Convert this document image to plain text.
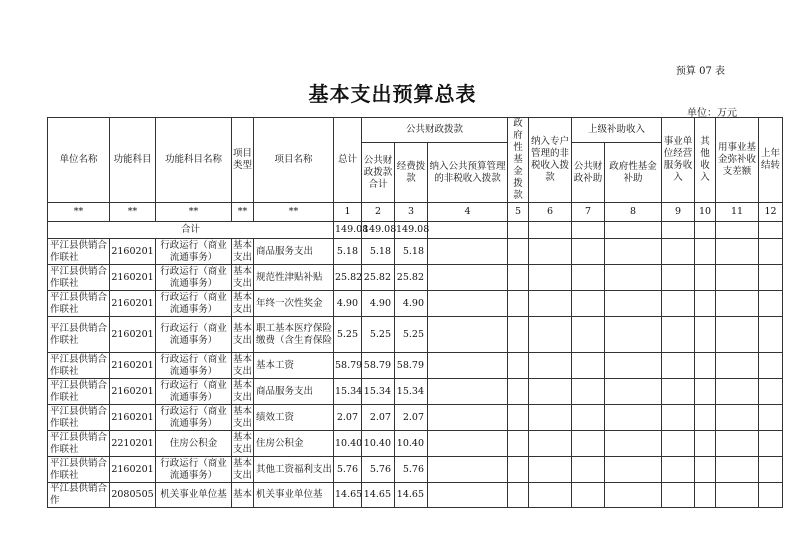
预算 07 表
基本支出预算总表
单位：万元
单位名称	功能科目	功能科目名称	项目类型	项目名称	总计	公共财政拨款			政府性基金拨款	纳入专户管理的非税收入拨款	上级补助收入		事业单位经营服务收入	其他收入	用事业基金弥补收支差额	上年结转
						公共财政拨款合计	经费拨款	纳入公共预算管理的非税收入拨款			公共财政补助	政府性基金补助				
**	**	**	**	**	1	2	3	4	5	6	7	8	9	10	11	12
合计					149.08	149.08	149.08									
平江县供销合作联社	2160201	行政运行（商业流通事务）	基本支出	商品服务支出	5.18	5.18	5.18									
平江县供销合作联社	2160201	行政运行（商业流通事务）	基本支出	规范性津贴补贴	25.82	25.82	25.82									
平江县供销合作联社	2160201	行政运行（商业流通事务）	基本支出	年终一次性奖金	4.90	4.90	4.90									
平江县供销合作联社	2160201	行政运行（商业流通事务）	基本支出	职工基本医疗保险缴费（含生育保险	5.25	5.25	5.25									
平江县供销合作联社	2160201	行政运行（商业流通事务）	基本支出	基本工资	58.79	58.79	58.79									
平江县供销合作联社	2160201	行政运行（商业流通事务）	基本支出	商品服务支出	15.34	15.34	15.34									
平江县供销合作联社	2160201	行政运行（商业流通事务）	基本支出	绩效工资	2.07	2.07	2.07									
平江县供销合作联社	2210201	住房公积金	基本支出	住房公积金	10.40	10.40	10.40									
平江县供销合作联社	2160201	行政运行（商业流通事务）	基本支出	其他工资福利支出	5.76	5.76	5.76									
平江县供销合作	2080505	机关事业单位基	基本	机关事业单位基	14.65	14.65	14.65									
